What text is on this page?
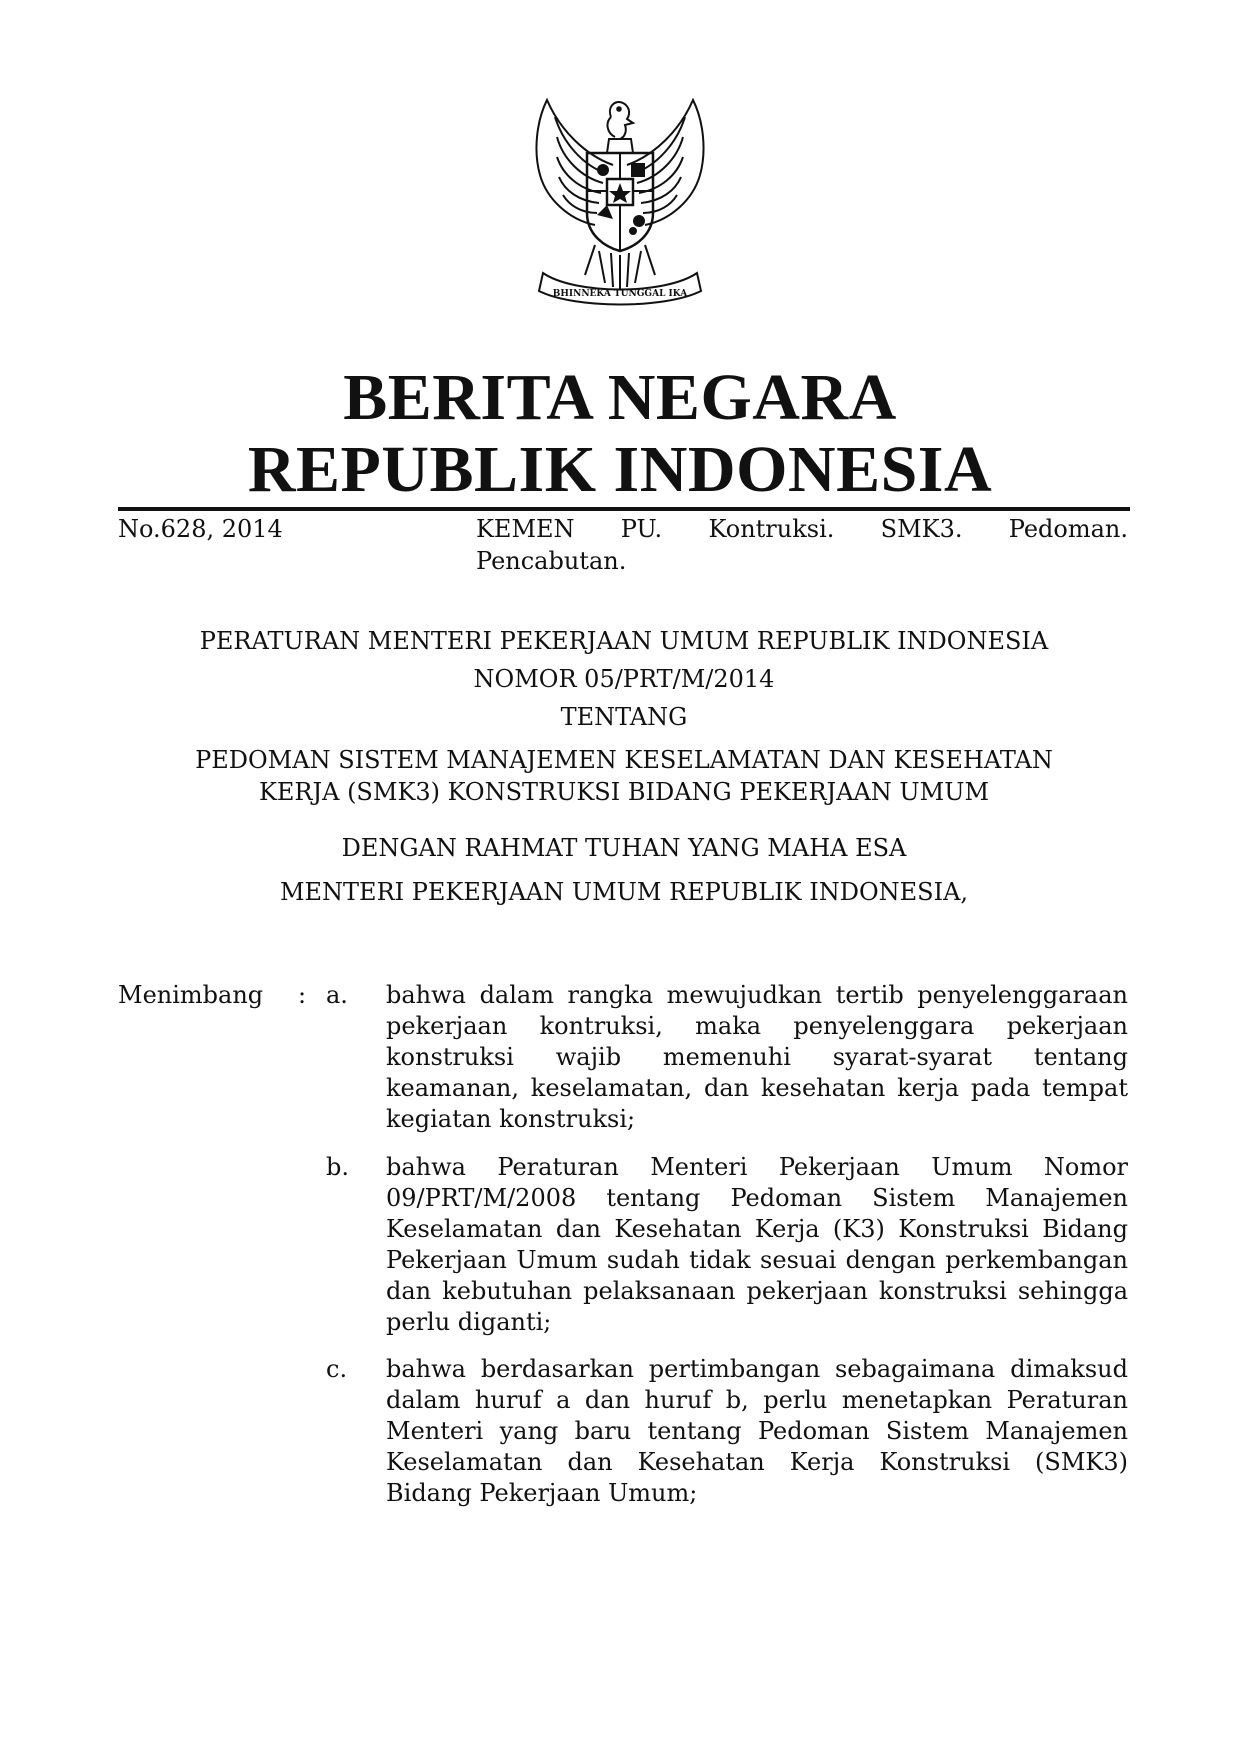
BHINNEKA TUNGGAL IKA
BERITA NEGARA
REPUBLIK INDONESIA
No.628, 2014	KEMEN PU. Kontruksi. SMK3. Pedoman. Pencabutan.

PERATURAN MENTERI PEKERJAAN UMUM REPUBLIK INDONESIA

NOMOR 05/PRT/M/2014

TENTANG

PEDOMAN SISTEM MANAJEMEN KESELAMATAN DAN KESEHATAN

KERJA (SMK3) KONSTRUKSI BIDANG PEKERJAAN UMUM

DENGAN RAHMAT TUHAN YANG MAHA ESA

MENTERI PEKERJAAN UMUM REPUBLIK INDONESIA,

Menimbang : a. bahwa dalam rangka mewujudkan tertib penyelenggaraan pekerjaan kontruksi, maka penyelenggara pekerjaan konstruksi wajib memenuhi syarat-syarat tentang keamanan, keselamatan, dan kesehatan kerja pada tempat kegiatan konstruksi;

b. bahwa Peraturan Menteri Pekerjaan Umum Nomor 09/PRT/M/2008 tentang Pedoman Sistem Manajemen Keselamatan dan Kesehatan Kerja (K3) Konstruksi Bidang Pekerjaan Umum sudah tidak sesuai dengan perkembangan dan kebutuhan pelaksanaan pekerjaan konstruksi sehingga perlu diganti;

c. bahwa berdasarkan pertimbangan sebagaimana dimaksud dalam huruf a dan huruf b, perlu menetapkan Peraturan Menteri yang baru tentang Pedoman Sistem Manajemen Keselamatan dan Kesehatan Kerja Konstruksi (SMK3) Bidang Pekerjaan Umum;
